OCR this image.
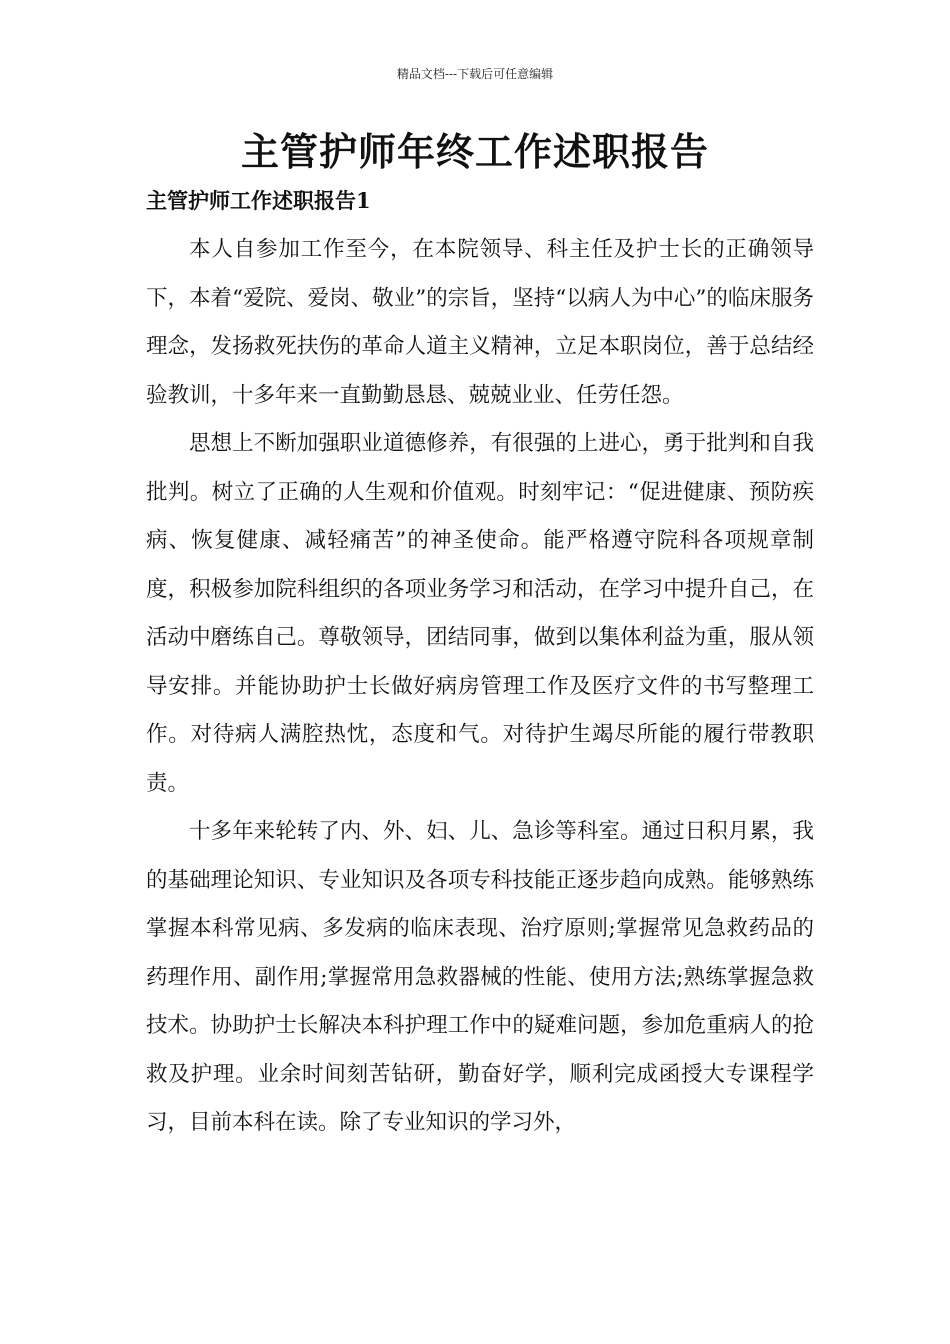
精品文档---下载后可任意编辑
主管护师年终工作述职报告
主管护师工作述职报告1

本人自参加工作至今，在本院领导、科主任及护士长的正确领导下，本着“爱院、爱岗、敬业”的宗旨，坚持“以病人为中心”的临床服务理念，发扬救死扶伤的革命人道主义精神，立足本职岗位，善于总结经验教训，十多年来一直勤勤恳恳、兢兢业业、任劳任怨。

思想上不断加强职业道德修养，有很强的上进心，勇于批判和自我批判。树立了正确的人生观和价值观。时刻牢记：“促进健康、预防疾病、恢复健康、减轻痛苦”的神圣使命。能严格遵守院科各项规章制度，积极参加院科组织的各项业务学习和活动，在学习中提升自己，在活动中磨练自己。尊敬领导，团结同事，做到以集体利益为重，服从领导安排。并能协助护士长做好病房管理工作及医疗文件的书写整理工作。对待病人满腔热忱，态度和气。对待护生竭尽所能的履行带教职责。

十多年来轮转了内、外、妇、儿、急诊等科室。通过日积月累，我的基础理论知识、专业知识及各项专科技能正逐步趋向成熟。能够熟练掌握本科常见病、多发病的临床表现、治疗原则;掌握常见急救药品的药理作用、副作用;掌握常用急救器械的性能、使用方法;熟练掌握急救技术。协助护士长解决本科护理工作中的疑难问题，参加危重病人的抢救及护理。业余时间刻苦钻研，勤奋好学，顺利完成函授大专课程学习，目前本科在读。除了专业知识的学习外，
